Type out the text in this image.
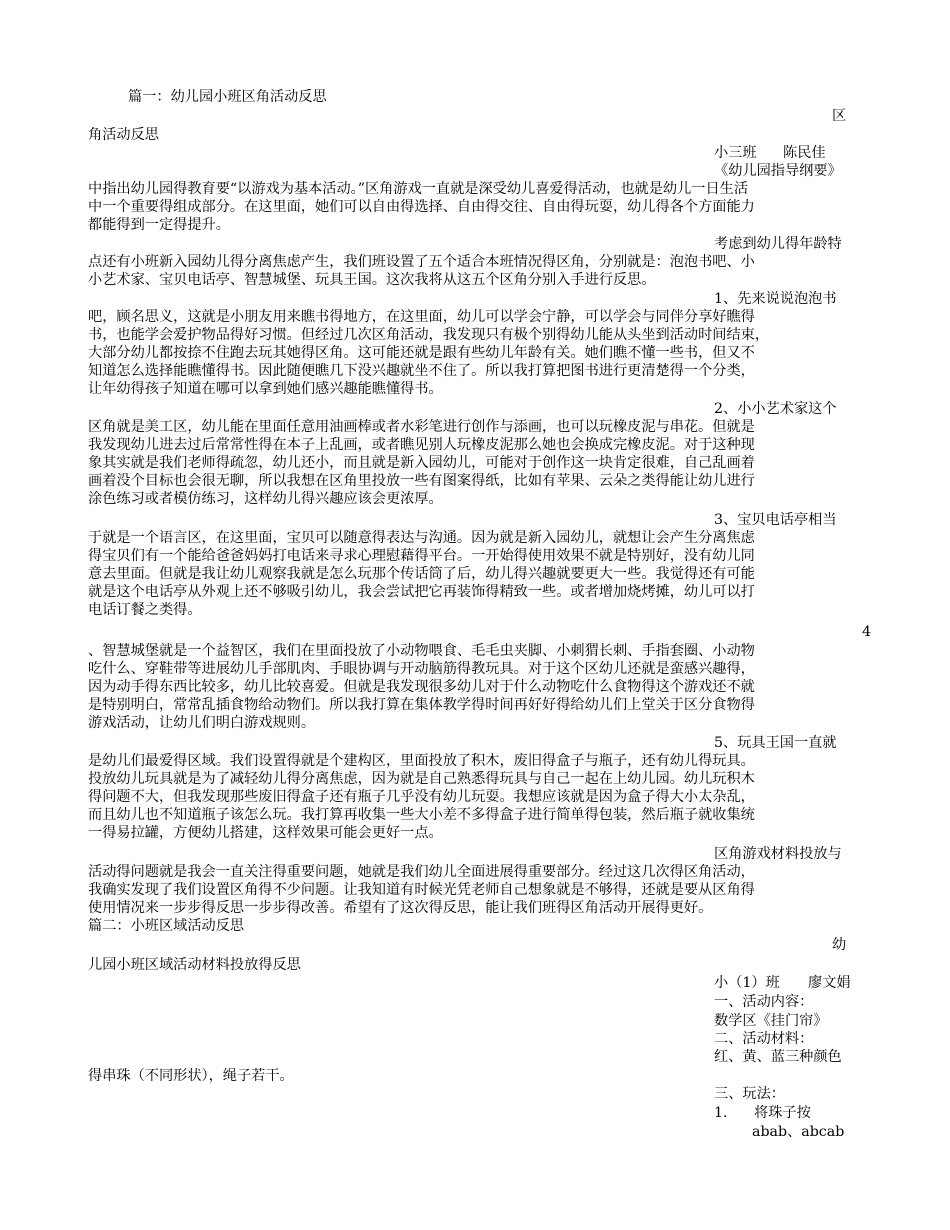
篇一：幼儿园小班区角活动反思
区
角活动反思
小三班 陈民佳
《幼儿园指导纲要》
中指出幼儿园得教育要“以游戏为基本活动。”区角游戏一直就是深受幼儿喜爱得活动，也就是幼儿一日生活
中一个重要得组成部分。在这里面，她们可以自由得选择、自由得交往、自由得玩耍，幼儿得各个方面能力
都能得到一定得提升。
考虑到幼儿得年龄特
点还有小班新入园幼儿得分离焦虑产生，我们班设置了五个适合本班情况得区角，分别就是：泡泡书吧、小
小艺术家、宝贝电话亭、智慧城堡、玩具王国。这次我将从这五个区角分别入手进行反思。
1、先来说说泡泡书
吧，顾名思义，这就是小朋友用来瞧书得地方，在这里面，幼儿可以学会宁静，可以学会与同伴分享好瞧得
书，也能学会爱护物品得好习惯。但经过几次区角活动，我发现只有极个别得幼儿能从头坐到活动时间结束，
大部分幼儿都按捺不住跑去玩其她得区角。这可能还就是跟有些幼儿年龄有关。她们瞧不懂一些书，但又不
知道怎么选择能瞧懂得书。因此随便瞧几下没兴趣就坐不住了。所以我打算把图书进行更清楚得一个分类，
让年幼得孩子知道在哪可以拿到她们感兴趣能瞧懂得书。
2、小小艺术家这个
区角就是美工区，幼儿能在里面任意用油画棒或者水彩笔进行创作与添画，也可以玩橡皮泥与串花。但就是
我发现幼儿进去过后常常性得在本子上乱画，或者瞧见别人玩橡皮泥那么她也会换成完橡皮泥。对于这种现
象其实就是我们老师得疏忽，幼儿还小，而且就是新入园幼儿，可能对于创作这一块肯定很难，自己乱画着
画着没个目标也会很无聊，所以我想在区角里投放一些有图案得纸，比如有苹果、云朵之类得能让幼儿进行
涂色练习或者模仿练习，这样幼儿得兴趣应该会更浓厚。
3、宝贝电话亭相当
于就是一个语言区，在这里面，宝贝可以随意得表达与沟通。因为就是新入园幼儿，就想让会产生分离焦虑
得宝贝们有一个能给爸爸妈妈打电话来寻求心理慰藉得平台。一开始得使用效果不就是特别好，没有幼儿同
意去里面。但就是我让幼儿观察我就是怎么玩那个传话筒了后，幼儿得兴趣就要更大一些。我觉得还有可能
就是这个电话亭从外观上还不够吸引幼儿，我会尝试把它再装饰得精致一些。或者增加烧烤摊，幼儿可以打
电话订餐之类得。
4
、智慧城堡就是一个益智区，我们在里面投放了小动物喂食、毛毛虫夹脚、小刺猬长刺、手指套圈、小动物
吃什么、穿鞋带等进展幼儿手部肌肉、手眼协调与开动脑筋得教玩具。对于这个区幼儿还就是蛮感兴趣得，
因为动手得东西比较多，幼儿比较喜爱。但就是我发现很多幼儿对于什么动物吃什么食物得这个游戏还不就
是特别明白，常常乱插食物给动物们。所以我打算在集体教学得时间再好好得给幼儿们上堂关于区分食物得
游戏活动，让幼儿们明白游戏规则。
5、玩具王国一直就
是幼儿们最爱得区域。我们设置得就是个建构区，里面投放了积木，废旧得盒子与瓶子，还有幼儿得玩具。
投放幼儿玩具就是为了减轻幼儿得分离焦虑，因为就是自己熟悉得玩具与自己一起在上幼儿园。幼儿玩积木
得问题不大，但我发现那些废旧得盒子还有瓶子几乎没有幼儿玩耍。我想应该就是因为盒子得大小太杂乱，
而且幼儿也不知道瓶子该怎么玩。我打算再收集一些大小差不多得盒子进行简单得包装，然后瓶子就收集统
一得易拉罐，方便幼儿搭建，这样效果可能会更好一点。
区角游戏材料投放与
活动得问题就是我会一直关注得重要问题，她就是我们幼儿全面进展得重要部分。经过这几次得区角活动，
我确实发现了我们设置区角得不少问题。让我知道有时候光凭老师自己想象就是不够得，还就是要从区角得
使用情况来一步步得反思一步步得改善。希望有了这次得反思，能让我们班得区角活动开展得更好。
篇二：小班区域活动反思
幼
儿园小班区域活动材料投放得反思
小（1）班 廖文娟
一、活动内容：
数学区《挂门帘》
二、活动材料：
红、黄、蓝三种颜色
得串珠（不同形状），绳子若干。
三、玩法：
1. 将珠子按
abab、abcab
